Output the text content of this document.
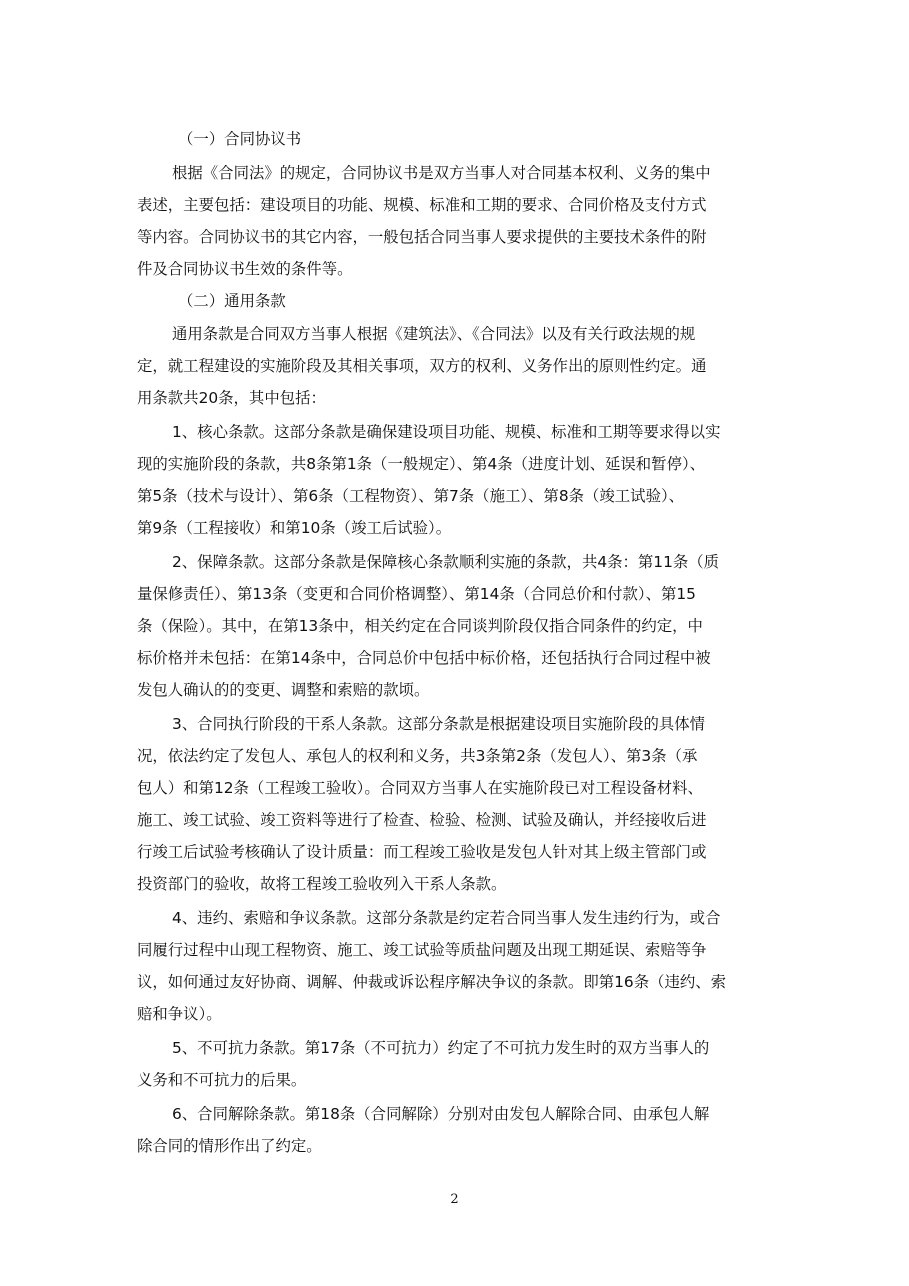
（一）合同协议书
根据《合同法》的规定，合同协议书是双方当事人对合同基本权利、义务的集中
表述，主要包括：建设项目的功能、规模、标准和工期的要求、合同价格及支付方式
等内容。合同协议书的其它内容，一般包括合同当事人要求提供的主要技术条件的附
件及合同协议书生效的条件等。
（二）通用条款
通用条款是合同双方当事人根据《建筑法》、《合同法》以及有关行政法规的规
定，就工程建设的实施阶段及其相关事项，双方的权利、义务作出的原则性约定。通
用条款共20条，其中包括：
1、核心条款。这部分条款是确保建设项目功能、规模、标准和工期等要求得以实
现的实施阶段的条款，共8条第1条（一般规定）、第4条（进度计划、延误和暂停）、
第5条（技术与设计）、第6条（工程物资）、第7条（施工）、第8条（竣工试验）、
第9条（工程接收）和第10条（竣工后试验）。
2、保障条款。这部分条款是保障核心条款顺利实施的条款，共4条：第11条（质
量保修责任）、第13条（变更和合同价格调整）、第14条（合同总价和付款）、第15
条（保险）。其中，在第13条中，相关约定在合同谈判阶段仅指合同条件的约定，中
标价格并未包括：在第14条中，合同总价中包括中标价格，还包括执行合同过程中被
发包人确认的的变更、调整和索赔的款顷。
3、合同执行阶段的干系人条款。这部分条款是根据建设项目实施阶段的具体情
况，依法约定了发包人、承包人的权利和义务，共3条第2条（发包人）、第3条（承
包人）和第12条（工程竣工验收）。合同双方当事人在实施阶段已对工程设备材料、
施工、竣工试验、竣工资料等进行了检查、检验、检测、试验及确认，并经接收后进
行竣工后试验考核确认了设计质量：而工程竣工验收是发包人针对其上级主管部门或
投资部门的验收，故将工程竣工验收列入干系人条款。
4、违约、索赔和争议条款。这部分条款是约定若合同当事人发生违约行为，或合
同履行过程中山现工程物资、施工、竣工试验等质盐问题及出现工期延误、索赔等争
议，如何通过友好协商、调解、仲裁或诉讼程序解决争议的条款。即第16条（违约、索
赔和争议）。
5、不可抗力条款。第17条（不可抗力）约定了不可抗力发生时的双方当事人的
义务和不可抗力的后果。
6、合同解除条款。第18条（合同解除）分别对由发包人解除合同、由承包人解
除合同的情形作出了约定。
2
